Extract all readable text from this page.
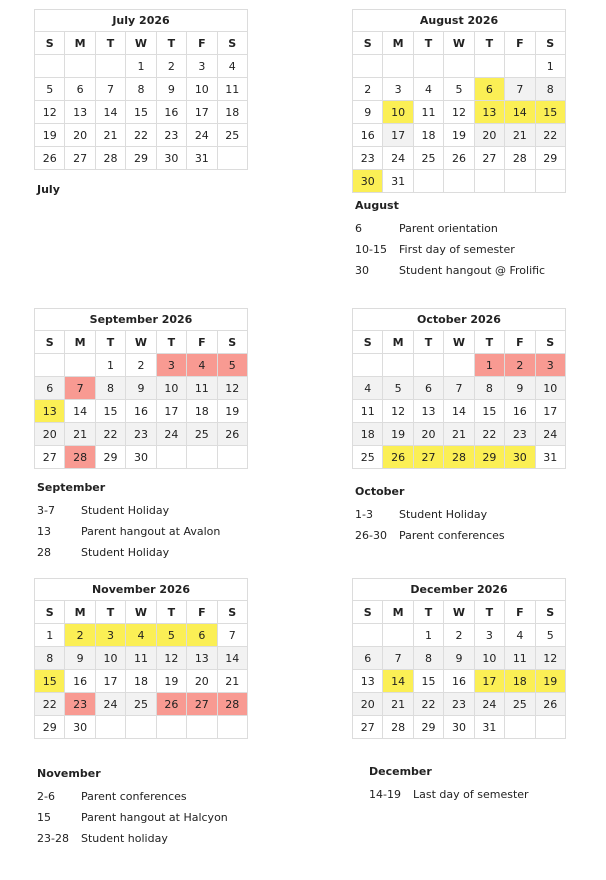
July 2026						
S	M	T	W	T	F	S
			1	2	3	4
5	6	7	8	9	10	11
12	13	14	15	16	17	18
19	20	21	22	23	24	25
26	27	28	29	30	31	
July
August 2026						
S	M	T	W	T	F	S
						1
2	3	4	5	6	7	8
9	10	11	12	13	14	15
16	17	18	19	20	21	22
23	24	25	26	27	28	29
30	31					
August
6	Parent orientation
10-15	First day of semester
30	Student hangout @ Frolific
September 2026						
S	M	T	W	T	F	S
		1	2	3	4	5
6	7	8	9	10	11	12
13	14	15	16	17	18	19
20	21	22	23	24	25	26
27	28	29	30			
September
3-7	Student Holiday
13	Parent hangout at Avalon
28	Student Holiday
October 2026						
S	M	T	W	T	F	S
				1	2	3
4	5	6	7	8	9	10
11	12	13	14	15	16	17
18	19	20	21	22	23	24
25	26	27	28	29	30	31
October
1-3	Student Holiday
26-30	Parent conferences
November 2026						
S	M	T	W	T	F	S
1	2	3	4	5	6	7
8	9	10	11	12	13	14
15	16	17	18	19	20	21
22	23	24	25	26	27	28
29	30					
November
2-6	Parent conferences
15	Parent hangout at Halcyon
23-28	Student holiday
December 2026						
S	M	T	W	T	F	S
		1	2	3	4	5
6	7	8	9	10	11	12
13	14	15	16	17	18	19
20	21	22	23	24	25	26
27	28	29	30	31		
December
14-19	Last day of semester
